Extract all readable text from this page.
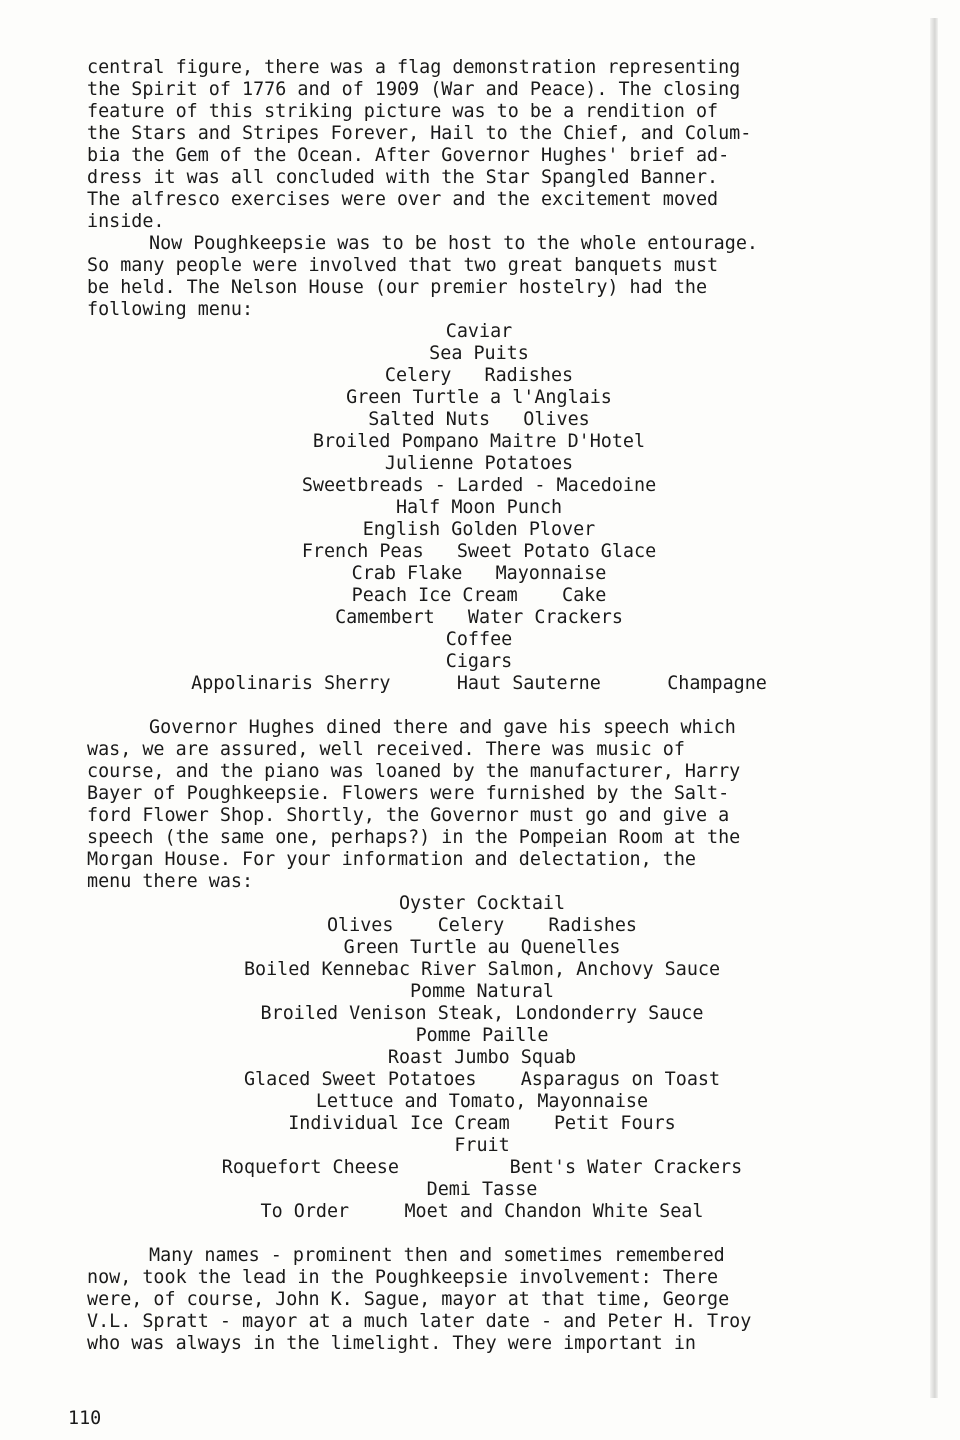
central figure, there was a flag demonstration representing

the Spirit of 1776 and of 1909 (War and Peace). The closing

feature of this striking picture was to be a rendition of

the Stars and Stripes Forever, Hail to the Chief, and Colum-

bia the Gem of the Ocean. After Governor Hughes' brief ad-

dress it was all concluded with the Star Spangled Banner.

The alfresco exercises were over and the excitement moved

inside.

Now Poughkeepsie was to be host to the whole entourage.

So many people were involved that two great banquets must

be held. The Nelson House (our premier hostelry) had the

following menu:

Caviar

Sea Puits

Celery   Radishes

Green Turtle a l'Anglais

Salted Nuts   Olives

Broiled Pompano Maitre D'Hotel

Julienne Potatoes

Sweetbreads - Larded - Macedoine

Half Moon Punch

English Golden Plover

French Peas   Sweet Potato Glace

Crab Flake   Mayonnaise

Peach Ice Cream    Cake

Camembert   Water Crackers

Coffee

Cigars

Appolinaris Sherry      Haut Sauterne      Champagne

Governor Hughes dined there and gave his speech which

was, we are assured, well received. There was music of

course, and the piano was loaned by the manufacturer, Harry

Bayer of Poughkeepsie. Flowers were furnished by the Salt-

ford Flower Shop. Shortly, the Governor must go and give a

speech (the same one, perhaps?) in the Pompeian Room at the

Morgan House. For your information and delectation, the

menu there was:

Oyster Cocktail

Olives    Celery    Radishes

Green Turtle au Quenelles

Boiled Kennebac River Salmon, Anchovy Sauce

Pomme Natural

Broiled Venison Steak, Londonderry Sauce

Pomme Paille

Roast Jumbo Squab

Glaced Sweet Potatoes    Asparagus on Toast

Lettuce and Tomato, Mayonnaise

Individual Ice Cream    Petit Fours

Fruit

Roquefort Cheese          Bent's Water Crackers

Demi Tasse

To Order     Moet and Chandon White Seal

Many names - prominent then and sometimes remembered

now, took the lead in the Poughkeepsie involvement: There

were, of course, John K. Sague, mayor at that time, George

V.L. Spratt - mayor at a much later date - and Peter H. Troy

who was always in the limelight. They were important in

110
